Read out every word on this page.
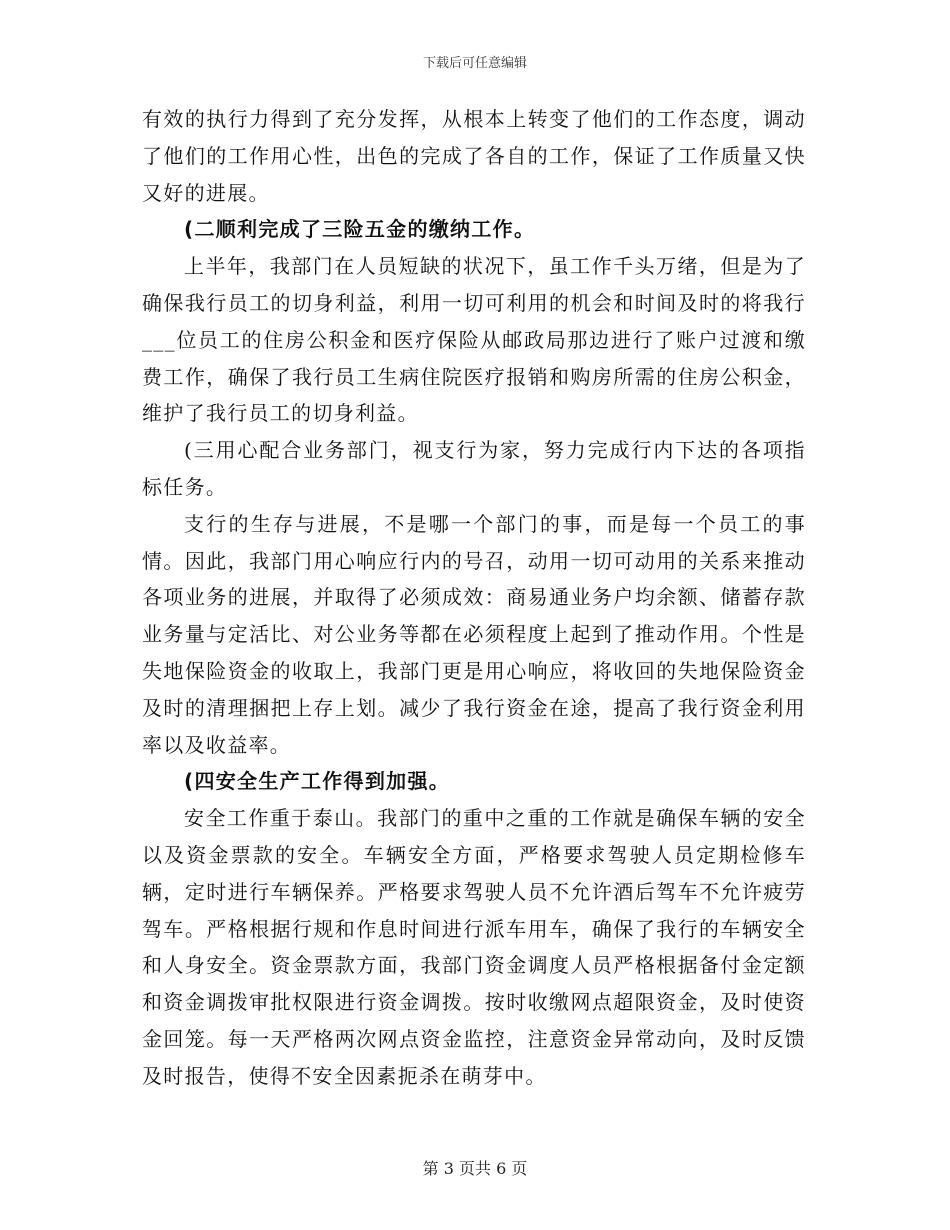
下载后可任意编辑

有效的执行力得到了充分发挥，从根本上转变了他们的工作态度，调动了他们的工作用心性，出色的完成了各自的工作，保证了工作质量又快又好的进展。

(二顺利完成了三险五金的缴纳工作。

上半年，我部门在人员短缺的状况下，虽工作千头万绪，但是为了确保我行员工的切身利益，利用一切可利用的机会和时间及时的将我行___位员工的住房公积金和医疗保险从邮政局那边进行了账户过渡和缴费工作，确保了我行员工生病住院医疗报销和购房所需的住房公积金，维护了我行员工的切身利益。

(三用心配合业务部门，视支行为家，努力完成行内下达的各项指标任务。

支行的生存与进展，不是哪一个部门的事，而是每一个员工的事情。因此，我部门用心响应行内的号召，动用一切可动用的关系来推动各项业务的进展，并取得了必须成效：商易通业务户均余额、储蓄存款业务量与定活比、对公业务等都在必须程度上起到了推动作用。个性是失地保险资金的收取上，我部门更是用心响应，将收回的失地保险资金及时的清理捆把上存上划。减少了我行资金在途，提高了我行资金利用率以及收益率。

(四安全生产工作得到加强。

安全工作重于泰山。我部门的重中之重的工作就是确保车辆的安全以及资金票款的安全。车辆安全方面，严格要求驾驶人员定期检修车辆，定时进行车辆保养。严格要求驾驶人员不允许酒后驾车不允许疲劳驾车。严格根据行规和作息时间进行派车用车，确保了我行的车辆安全和人身安全。资金票款方面，我部门资金调度人员严格根据备付金定额和资金调拨审批权限进行资金调拨。按时收缴网点超限资金，及时使资金回笼。每一天严格两次网点资金监控，注意资金异常动向，及时反馈及时报告，使得不安全因素扼杀在萌芽中。

第 3 页共 6 页
